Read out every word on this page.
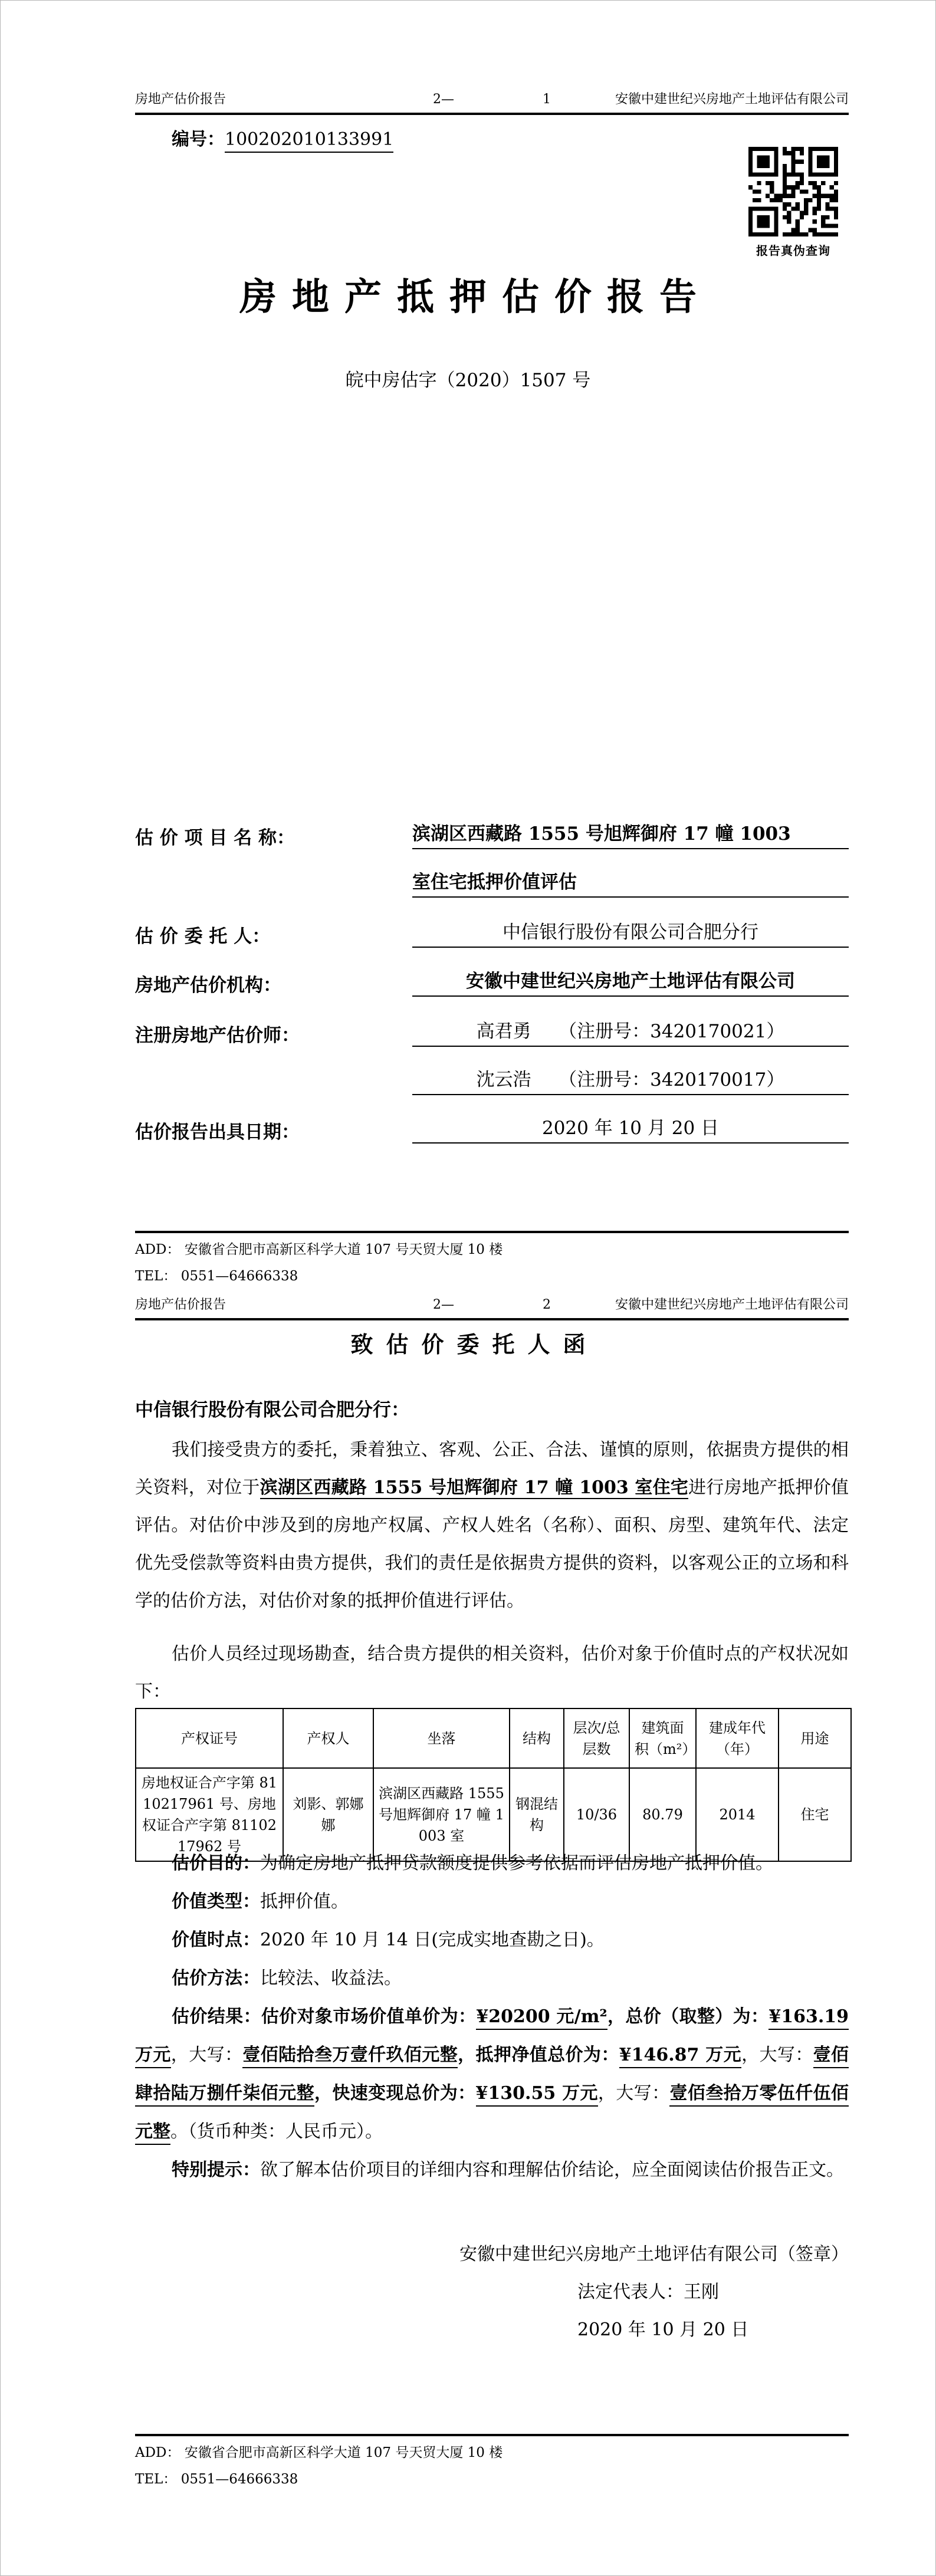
房地产估价报告	2—	1	安徽中建世纪兴房地产土地评估有限公司
编号：100202010133991
报告真伪查询
房地产抵押估价报告
皖中房估字（2020）1507 号
估 价 项 目 名 称：	滨湖区西藏路 1555 号旭辉御府 17 幢 1003
室住宅抵押价值评估
估 价 委 托 人：	中信银行股份有限公司合肥分行
房地产估价机构：	安徽中建世纪兴房地产土地评估有限公司
注册房地产估价师：	高君勇　　 （注册号：3420170021）
沈云浩　　 （注册号：3420170017）
估价报告出具日期：	2020 年 10 月 20 日
ADD： 安徽省合肥市高新区科学大道 107 号天贸大厦 10 楼
TEL： 0551—64666338
房地产估价报告	2—	2	安徽中建世纪兴房地产土地评估有限公司
致估价委托人函
中信银行股份有限公司合肥分行：

我们接受贵方的委托，秉着独立、客观、公正、合法、谨慎的原则，依据贵方提供的相关资料，对位于滨湖区西藏路 1555 号旭辉御府 17 幢 1003 室住宅进行房地产抵押价值评估。对估价中涉及到的房地产权属、产权人姓名（名称）、面积、房型、建筑年代、法定优先受偿款等资料由贵方提供，我们的责任是依据贵方提供的资料，以客观公正的立场和科学的估价方法，对估价对象的抵押价值进行评估。

估价人员经过现场勘查，结合贵方提供的相关资料，估价对象于价值时点的产权状况如下：

产权证号	产权人	坐落	结构	层次/总层数	建筑面积（m²）	建成年代（年）	用途
房地权证合产字第 8110217961 号、房地权证合产字第 8110217962 号	刘影、郭娜娜	滨湖区西藏路 1555 号旭辉御府 17 幢 1003 室	钢混结构	10/36	80.79	2014	住宅

估价目的：为确定房地产抵押贷款额度提供参考依据而评估房地产抵押价值。

价值类型：抵押价值。

价值时点：2020 年 10 月 14 日(完成实地查勘之日)。

估价方法：比较法、收益法。

估价结果：估价对象市场价值单价为：¥20200 元/m²，总价（取整）为：¥163.19 万元，大写：壹佰陆拾叁万壹仟玖佰元整，抵押净值总价为：¥146.87 万元，大写：壹佰肆拾陆万捌仟柒佰元整，快速变现总价为：¥130.55 万元，大写：壹佰叁拾万零伍仟伍佰元整。（货币种类：人民币元）。

特别提示：欲了解本估价项目的详细内容和理解估价结论，应全面阅读估价报告正文。

安徽中建世纪兴房地产土地评估有限公司（签章）
法定代表人：王刚
2020 年 10 月 20 日
ADD： 安徽省合肥市高新区科学大道 107 号天贸大厦 10 楼
TEL： 0551—64666338
